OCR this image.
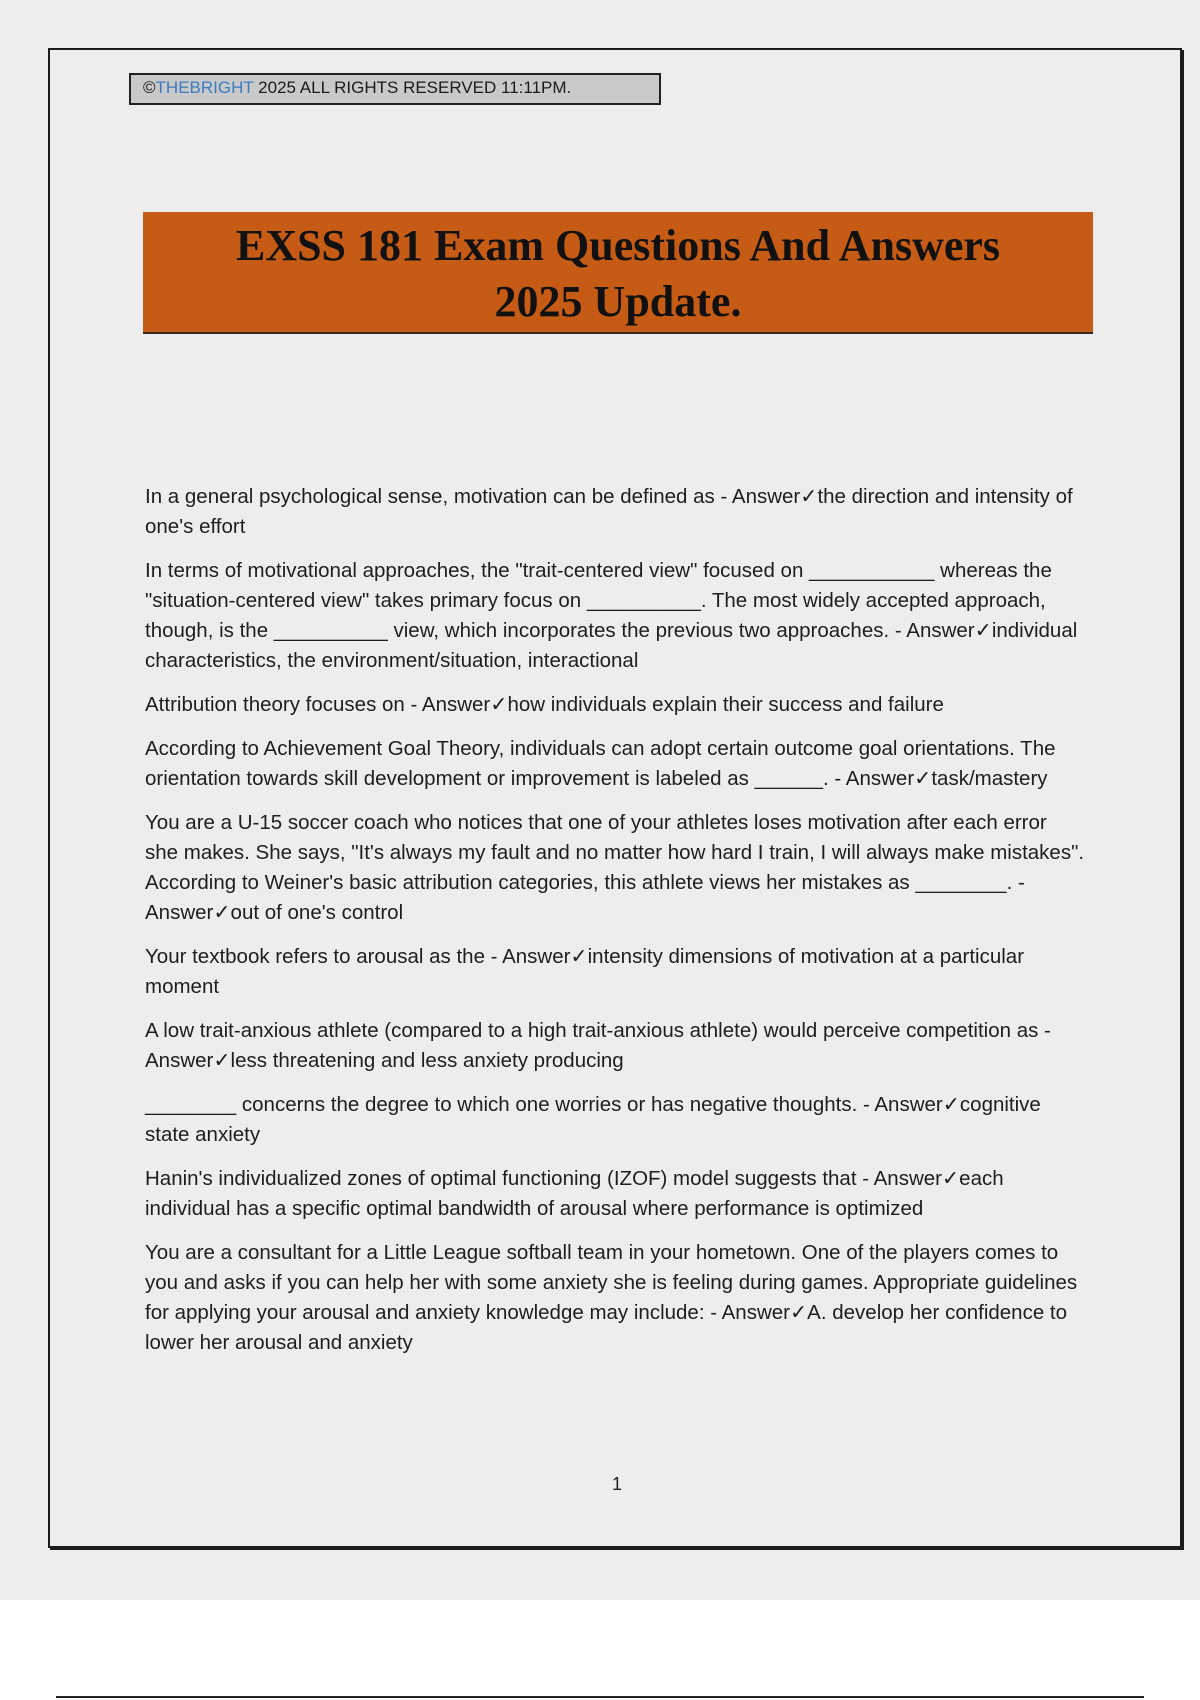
©THEBRIGHT 2025 ALL RIGHTS RESERVED 11:11PM.
EXSS 181 Exam Questions And Answers
2025 Update.

In a general psychological sense, motivation can be defined as - Answer✓the direction and intensity of one's effort

In terms of motivational approaches, the "trait-centered view" focused on ___________ whereas the "situation-centered view" takes primary focus on __________. The most widely accepted approach, though, is the __________ view, which incorporates the previous two approaches. - Answer✓individual characteristics, the environment/situation, interactional

Attribution theory focuses on - Answer✓how individuals explain their success and failure

According to Achievement Goal Theory, individuals can adopt certain outcome goal orientations. The orientation towards skill development or improvement is labeled as ______. - Answer✓task/mastery

You are a U-15 soccer coach who notices that one of your athletes loses motivation after each error she makes. She says, "It's always my fault and no matter how hard I train, I will always make mistakes". According to Weiner's basic attribution categories, this athlete views her mistakes as ________. - Answer✓out of one's control

Your textbook refers to arousal as the - Answer✓intensity dimensions of motivation at a particular moment

A low trait-anxious athlete (compared to a high trait-anxious athlete) would perceive competition as - Answer✓less threatening and less anxiety producing

________ concerns the degree to which one worries or has negative thoughts. - Answer✓cognitive state anxiety

Hanin's individualized zones of optimal functioning (IZOF) model suggests that - Answer✓each individual has a specific optimal bandwidth of arousal where performance is optimized

You are a consultant for a Little League softball team in your hometown. One of the players comes to you and asks if you can help her with some anxiety she is feeling during games. Appropriate guidelines for applying your arousal and anxiety knowledge may include: - Answer✓A. develop her confidence to lower her arousal and anxiety

1
